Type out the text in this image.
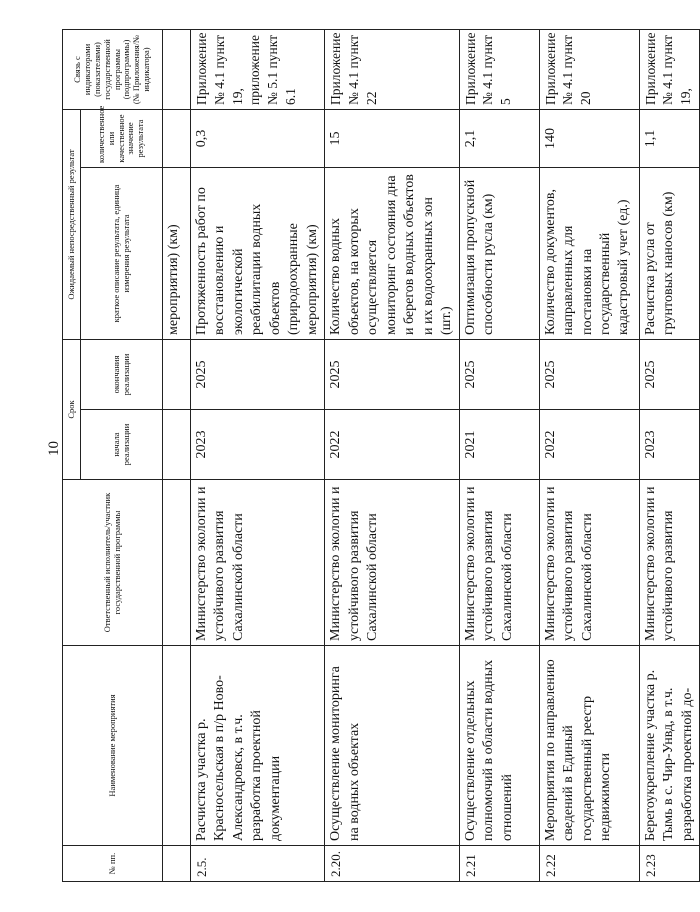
10
№ пп.	Наименование мероприятия	Ответственный исполнитель/участник государственной программы	Срок		Ожидаемый непосредственный результат		Связь с индикаторами (показателями) государственной программы (подпрограммы) (№ Приложения/№ индикатора)
			начала реализации	окончания реализации	краткое описание результата, единица измерения результата	количественное или качественное значение результата	
					мероприятия) (км)		
2.5.	Расчистка участка р. Красносельская в п/р Ново-Александровск, в т.ч. разработка проектной документации	Министерство экологии и устойчивого развития Сахалинской области	2023	2025	Протяженность работ по восстановлению и экологической реабилитации водных объектов (природоохранные мероприятия) (км)	0,3	Приложение № 4.1 пункт 19, приложение № 5.1 пункт 6.1
2.20.	Осуществление мониторинга на водных объектах	Министерство экологии и устойчивого развития Сахалинской области	2022	2025	Количество водных объектов, на которых осуществляется мониторинг состояния дна и берегов водных объектов и их водоохранных зон (шт.)	15	Приложение № 4.1 пункт 22
2.21	Осуществление отдельных полномочий в области водных отношений	Министерство экологии и устойчивого развития Сахалинской области	2021	2025	Оптимизация пропускной способности русла (км)	2,1	Приложение № 4.1 пункт 5
2.22	Мероприятия по направлению сведений в Единый государственный реестр недвижимости	Министерство экологии и устойчивого развития Сахалинской области	2022	2025	Количество документов, направленных для постановки на государственный кадастровый учет (ед.)	140	Приложение № 4.1 пункт 20
2.23	Берегоукрепление участка р. Тымь в с. Чир-Унвд, в т.ч. разработка проектной до-	Министерство экологии и устойчивого развития	2023	2025	Расчистка русла от грунтовых наносов (км)	1,1	Приложение № 4.1 пункт 19,
